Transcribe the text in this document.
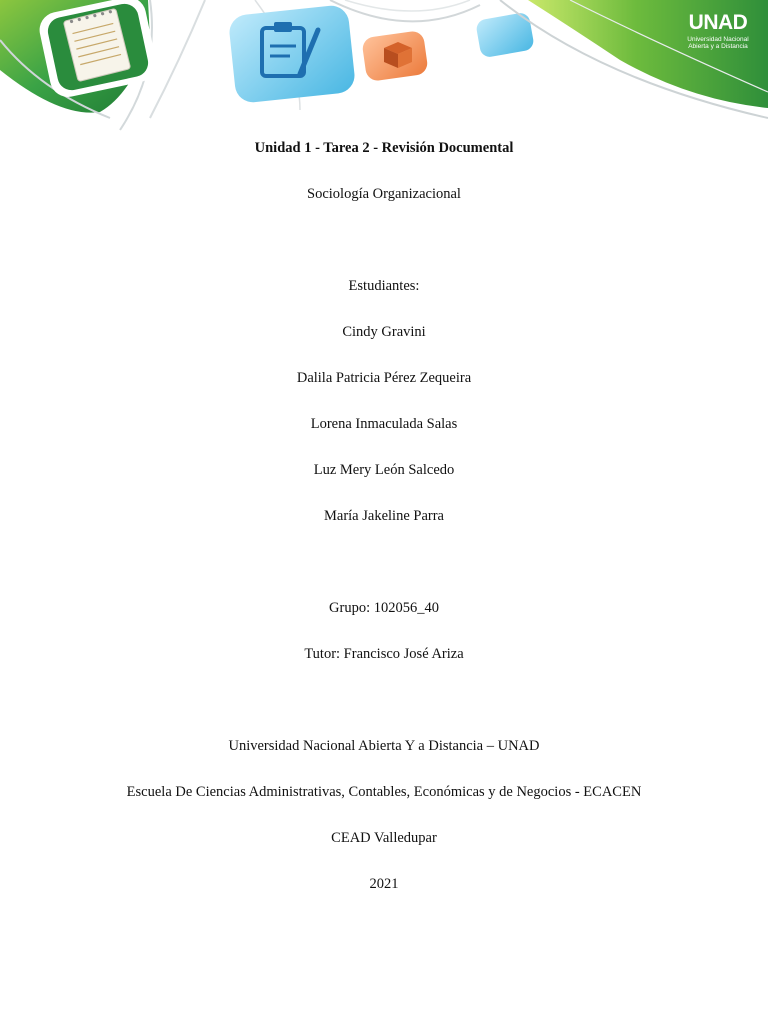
UNAD
Universidad Nacional
Abierta y a Distancia
Unidad 1 - Tarea 2 - Revisión Documental
Sociología Organizacional
Estudiantes:
Cindy Gravini
Dalila Patricia Pérez Zequeira
Lorena Inmaculada Salas
Luz Mery León Salcedo
María Jakeline Parra
Grupo: 102056_40
Tutor: Francisco José Ariza
Universidad Nacional Abierta Y a Distancia – UNAD
Escuela De Ciencias Administrativas, Contables, Económicas y de Negocios - ECACEN
CEAD Valledupar
2021
